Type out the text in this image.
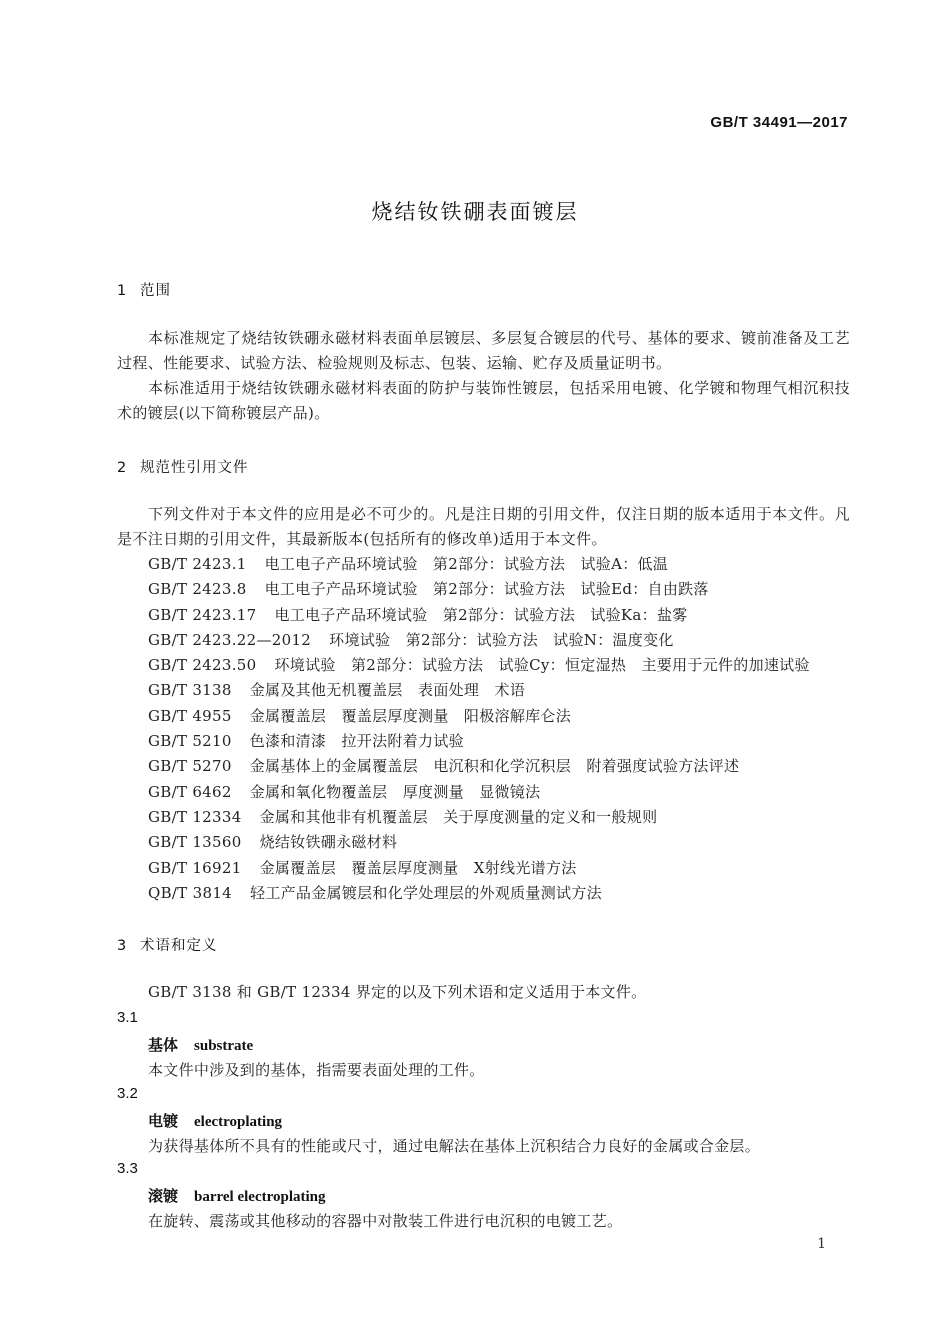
GB/T 34491—2017
烧结钕铁硼表面镀层
1 范围

本标准规定了烧结钕铁硼永磁材料表面单层镀层、多层复合镀层的代号、基体的要求、镀前准备及工艺过程、性能要求、试验方法、检验规则及标志、包装、运输、贮存及质量证明书。

本标准适用于烧结钕铁硼永磁材料表面的防护与装饰性镀层，包括采用电镀、化学镀和物理气相沉积技术的镀层(以下简称镀层产品)。

2 规范性引用文件

下列文件对于本文件的应用是必不可少的。凡是注日期的引用文件，仅注日期的版本适用于本文件。凡是不注日期的引用文件，其最新版本(包括所有的修改单)适用于本文件。

GB/T 2423.1 电工电子产品环境试验　第2部分：试验方法　试验A：低温
GB/T 2423.8 电工电子产品环境试验　第2部分：试验方法　试验Ed：自由跌落
GB/T 2423.17 电工电子产品环境试验　第2部分：试验方法　试验Ka：盐雾
GB/T 2423.22—2012 环境试验　第2部分：试验方法　试验N：温度变化
GB/T 2423.50 环境试验　第2部分：试验方法　试验Cy：恒定湿热　主要用于元件的加速试验
GB/T 3138 金属及其他无机覆盖层　表面处理　术语
GB/T 4955 金属覆盖层　覆盖层厚度测量　阳极溶解库仑法
GB/T 5210 色漆和清漆　拉开法附着力试验
GB/T 5270 金属基体上的金属覆盖层　电沉积和化学沉积层　附着强度试验方法评述
GB/T 6462 金属和氧化物覆盖层　厚度测量　显微镜法
GB/T 12334 金属和其他非有机覆盖层　关于厚度测量的定义和一般规则
GB/T 13560 烧结钕铁硼永磁材料
GB/T 16921 金属覆盖层　覆盖层厚度测量　X射线光谱方法
QB/T 3814 轻工产品金属镀层和化学处理层的外观质量测试方法
3 术语和定义
GB/T 3138 和 GB/T 12334 界定的以及下列术语和定义适用于本文件。
3.1
基体 substrate
本文件中涉及到的基体，指需要表面处理的工件。
3.2
电镀 electroplating
为获得基体所不具有的性能或尺寸，通过电解法在基体上沉积结合力良好的金属或合金层。
3.3
滚镀 barrel electroplating
在旋转、震荡或其他移动的容器中对散装工件进行电沉积的电镀工艺。
1
